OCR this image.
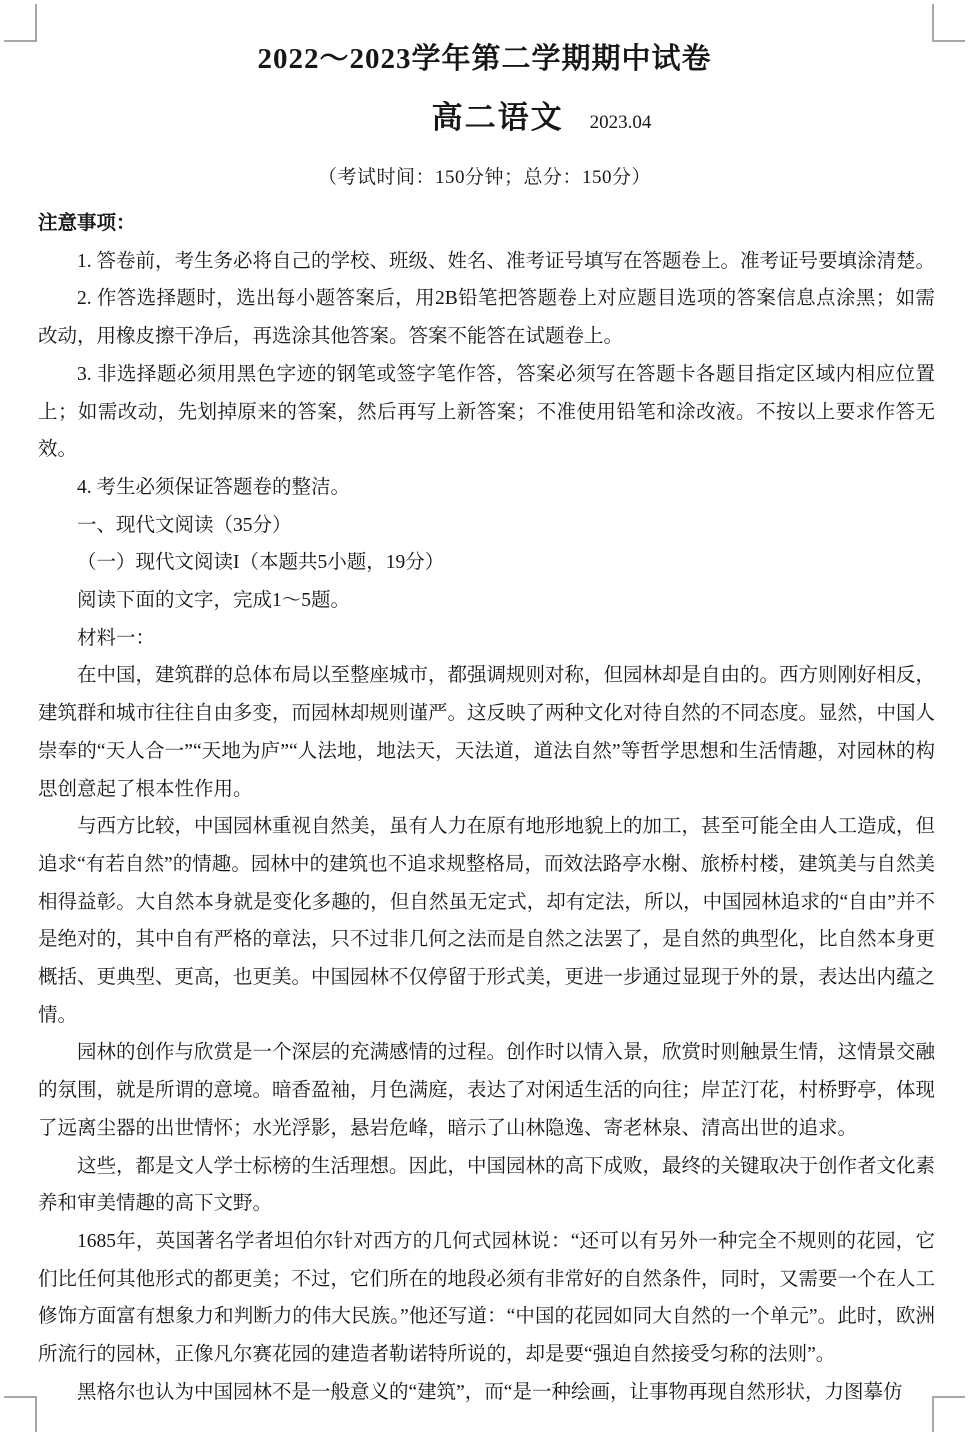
2022～2023学年第二学期期中试卷
高二语文 2023.04
（考试时间：150分钟；总分：150分）

注意事项：

1. 答卷前，考生务必将自己的学校、班级、姓名、准考证号填写在答题卷上。准考证号要填涂清楚。

2. 作答选择题时，选出每小题答案后，用2B铅笔把答题卷上对应题目选项的答案信息点涂黑；如需改动，用橡皮擦干净后，再选涂其他答案。答案不能答在试题卷上。

3. 非选择题必须用黑色字迹的钢笔或签字笔作答，答案必须写在答题卡各题目指定区域内相应位置上；如需改动，先划掉原来的答案，然后再写上新答案；不准使用铅笔和涂改液。不按以上要求作答无效。

4. 考生必须保证答题卷的整洁。

一、现代文阅读（35分）

（一）现代文阅读I（本题共5小题，19分）

阅读下面的文字，完成1～5题。

材料一：

在中国，建筑群的总体布局以至整座城市，都强调规则对称，但园林却是自由的。西方则刚好相反，建筑群和城市往往自由多变，而园林却规则谨严。这反映了两种文化对待自然的不同态度。显然，中国人崇奉的“天人合一”“天地为庐”“人法地，地法天，天法道，道法自然”等哲学思想和生活情趣，对园林的构思创意起了根本性作用。

与西方比较，中国园林重视自然美，虽有人力在原有地形地貌上的加工，甚至可能全由人工造成，但追求“有若自然”的情趣。园林中的建筑也不追求规整格局，而效法路亭水榭、旅桥村楼，建筑美与自然美相得益彰。大自然本身就是变化多趣的，但自然虽无定式，却有定法，所以，中国园林追求的“自由”并不是绝对的，其中自有严格的章法，只不过非几何之法而是自然之法罢了，是自然的典型化，比自然本身更概括、更典型、更高，也更美。中国园林不仅停留于形式美，更进一步通过显现于外的景，表达出内蕴之情。

园林的创作与欣赏是一个深层的充满感情的过程。创作时以情入景，欣赏时则触景生情，这情景交融的氛围，就是所谓的意境。暗香盈袖，月色满庭，表达了对闲适生活的向往；岸芷汀花，村桥野亭，体现了远离尘器的出世情怀；水光浮影，悬岩危峰，暗示了山林隐逸、寄老林泉、清高出世的追求。

这些，都是文人学士标榜的生活理想。因此，中国园林的高下成败，最终的关键取决于创作者文化素养和审美情趣的高下文野。

1685年，英国著名学者坦伯尔针对西方的几何式园林说：“还可以有另外一种完全不规则的花园，它们比任何其他形式的都更美；不过，它们所在的地段必须有非常好的自然条件，同时，又需要一个在人工修饰方面富有想象力和判断力的伟大民族。”他还写道：“中国的花园如同大自然的一个单元”。此时，欧洲所流行的园林，正像凡尔赛花园的建造者勒诺特所说的，却是要“强迫自然接受匀称的法则”。

黑格尔也认为中国园林不是一般意义的“建筑”，而“是一种绘画，让事物再现自然形状，力图摹仿
